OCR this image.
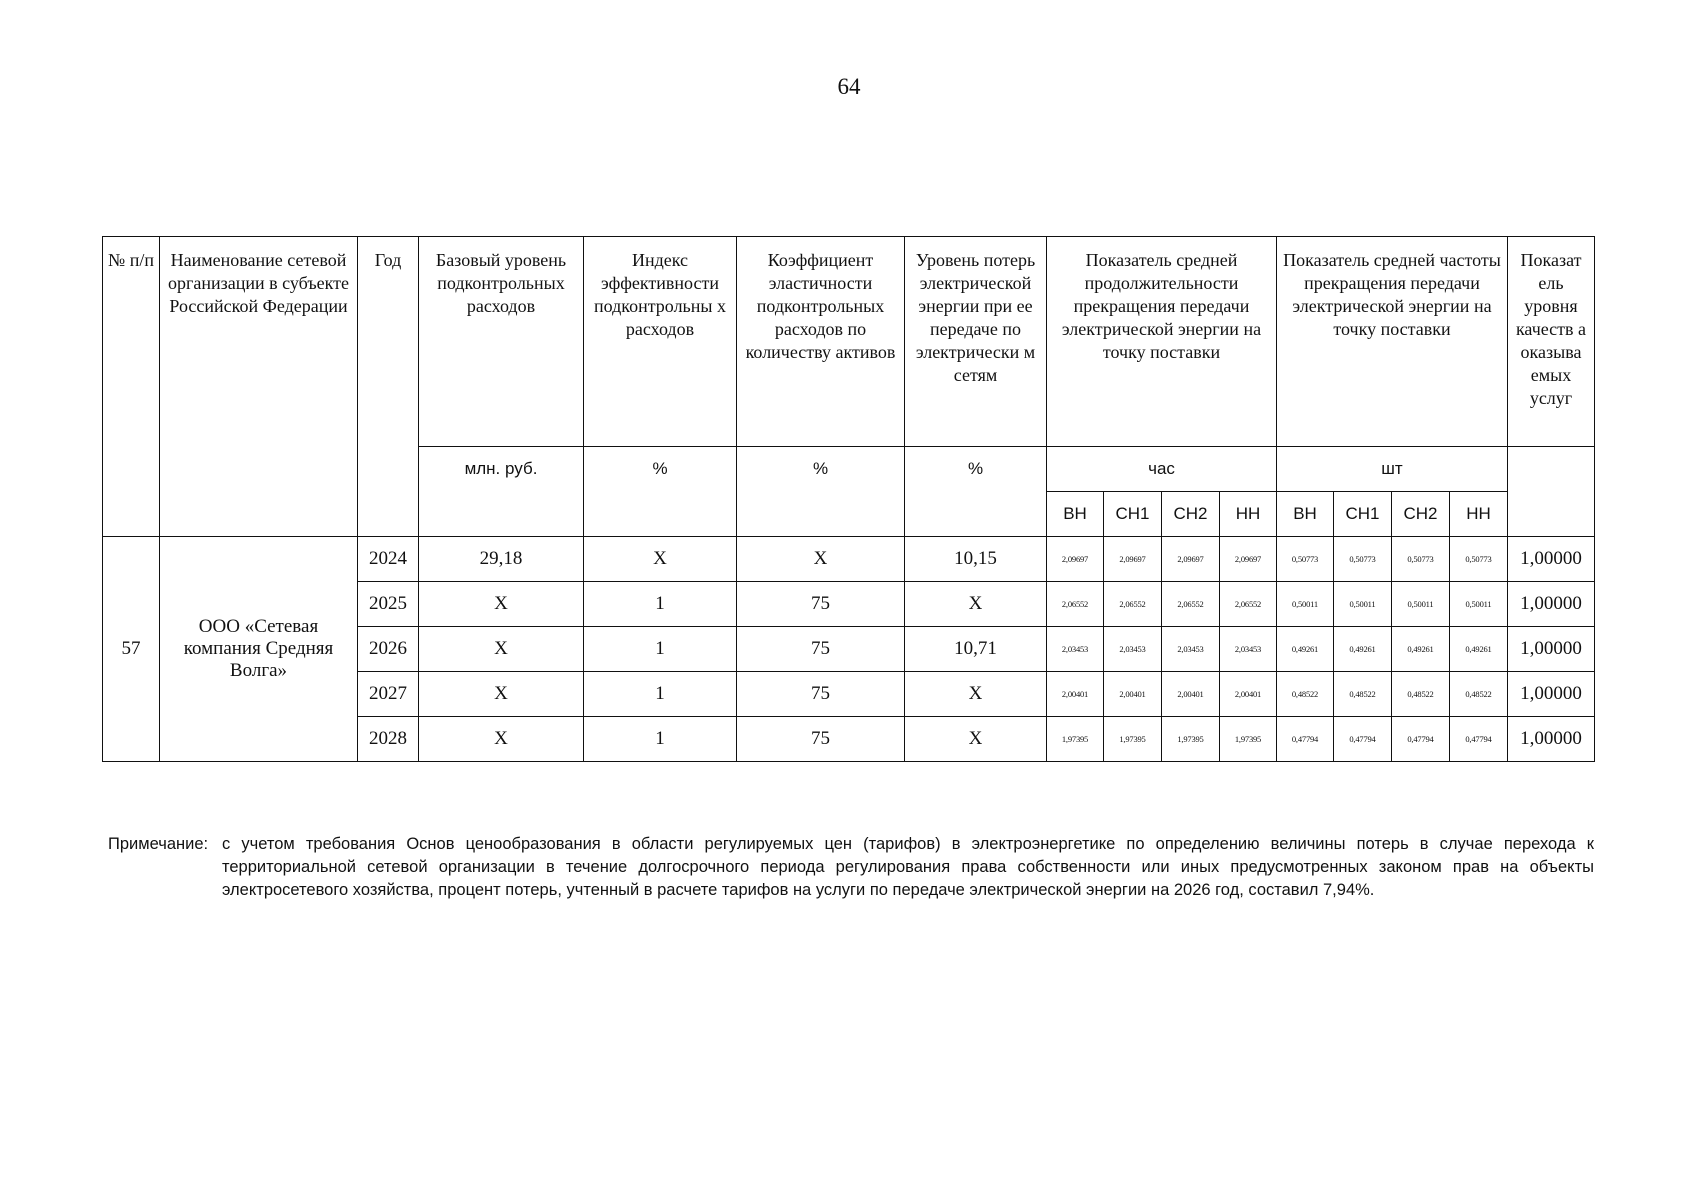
64
№ п/п	Наименование сетевой организации в субъекте Российской Федерации	Год	Базовый уровень подконтрольных расходов	Индекс эффективности подконтрольны х расходов	Коэффициент эластичности подконтрольных расходов по количеству активов	Уровень потерь электрической энергии при ее передаче по электрически м сетям	Показатель средней продолжительности прекращения передачи электрической энергии на точку поставки				Показатель средней частоты прекращения передачи электрической энергии на точку поставки				Показат ель уровня качеств а оказыва емых услуг
			млн. руб.	%	%	%	час				шт				
							ВН	СН1	СН2	НН	ВН	СН1	СН2	НН	
57	ООО «Сетевая компания Средняя Волга»	2024	29,18	X	X	10,15	2,09697	2,09697	2,09697	2,09697	0,50773	0,50773	0,50773	0,50773	1,00000
		2025	X	1	75	X	2,06552	2,06552	2,06552	2,06552	0,50011	0,50011	0,50011	0,50011	1,00000
		2026	X	1	75	10,71	2,03453	2,03453	2,03453	2,03453	0,49261	0,49261	0,49261	0,49261	1,00000
		2027	X	1	75	X	2,00401	2,00401	2,00401	2,00401	0,48522	0,48522	0,48522	0,48522	1,00000
		2028	X	1	75	X	1,97395	1,97395	1,97395	1,97395	0,47794	0,47794	0,47794	0,47794	1,00000
Примечание: с учетом требования Основ ценообразования в области регулируемых цен (тарифов) в электроэнергетике по определению величины потерь в случае перехода к территориальной сетевой организации в течение долгосрочного периода регулирования права собственности или иных предусмотренных законом прав на объекты электросетевого хозяйства, процент потерь, учтенный в расчете тарифов на услуги по передаче электрической энергии на 2026 год, составил 7,94%.
